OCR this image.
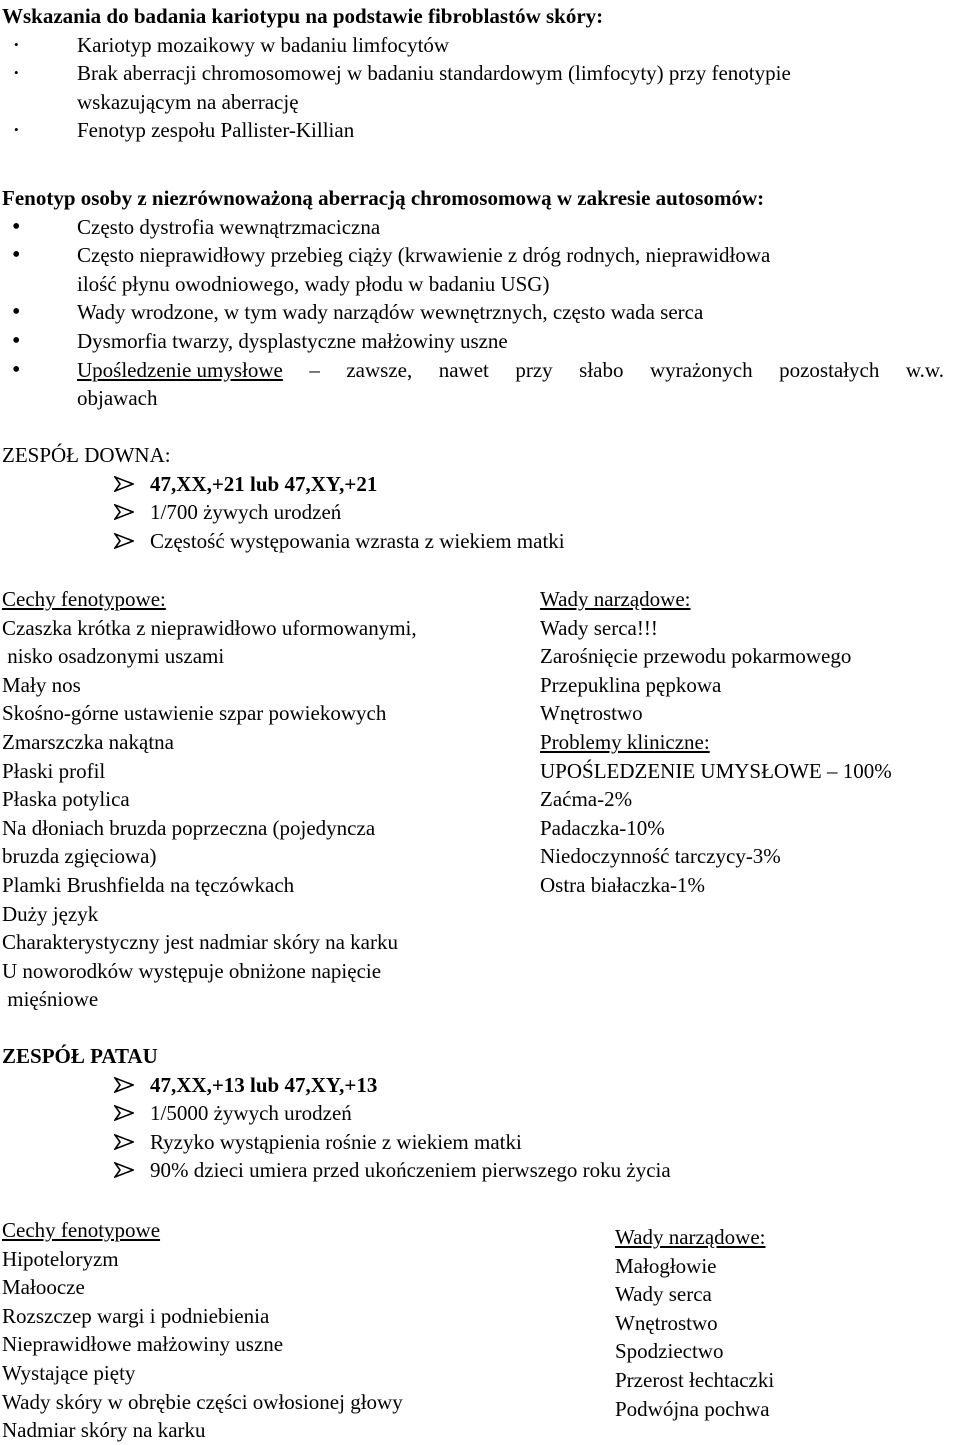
Wskazania do badania kariotypu na podstawie fibroblastów skóry:
•	Kariotyp mozaikowy w badaniu limfocytów
•	Brak aberracji chromosomowej w badaniu standardowym (limfocyty) przy fenotypie
wskazującym na aberrację
•	Fenotyp zespołu Pallister-Killian
Fenotyp osoby z niezrównoważoną aberracją chromosomową w zakresie autosomów:
•	Często dystrofia wewnątrzmaciczna
•	Często nieprawidłowy przebieg ciąży (krwawienie z dróg rodnych, nieprawidłowa
ilość płynu owodniowego, wady płodu w badaniu USG)
•	Wady wrodzone, w tym wady narządów wewnętrznych, często wada serca
•	Dysmorfia twarzy, dysplastyczne małżowiny uszne
•	Upośledzenie umysłowe – zawsze, nawet przy słabo wyrażonych pozostałych w.w.
objawach
ZESPÓŁ DOWNA:
47,XX,+21 lub 47,XY,+21
1/700 żywych urodzeń
Częstość występowania wzrasta z wiekiem matki
Cechy fenotypowe:
Czaszka krótka z nieprawidłowo uformowanymi,
nisko osadzonymi uszami
Mały nos
Skośno-górne ustawienie szpar powiekowych
Zmarszczka nakątna
Płaski profil
Płaska potylica
Na dłoniach bruzda poprzeczna (pojedyncza
bruzda zgięciowa)
Plamki Brushfielda na tęczówkach
Duży język
Charakterystyczny jest nadmiar skóry na karku
U noworodków występuje obniżone napięcie
mięśniowe
Wady narządowe:
Wady serca!!!
Zarośnięcie przewodu pokarmowego
Przepuklina pępkowa
Wnętrostwo
Problemy kliniczne:
UPOŚLEDZENIE UMYSŁOWE – 100%
Zaćma-2%
Padaczka-10%
Niedoczynność tarczycy-3%
Ostra białaczka-1%
ZESPÓŁ PATAU
47,XX,+13 lub 47,XY,+13
1/5000 żywych urodzeń
Ryzyko wystąpienia rośnie z wiekiem matki
90% dzieci umiera przed ukończeniem pierwszego roku życia
Cechy fenotypowe
Hipoteloryzm
Małoocze
Rozszczep wargi i podniebienia
Nieprawidłowe małżowiny uszne
Wystające pięty
Wady skóry w obrębie części owłosionej głowy
Nadmiar skóry na karku
Wady narządowe:
Małogłowie
Wady serca
Wnętrostwo
Spodziectwo
Przerost łechtaczki
Podwójna pochwa
